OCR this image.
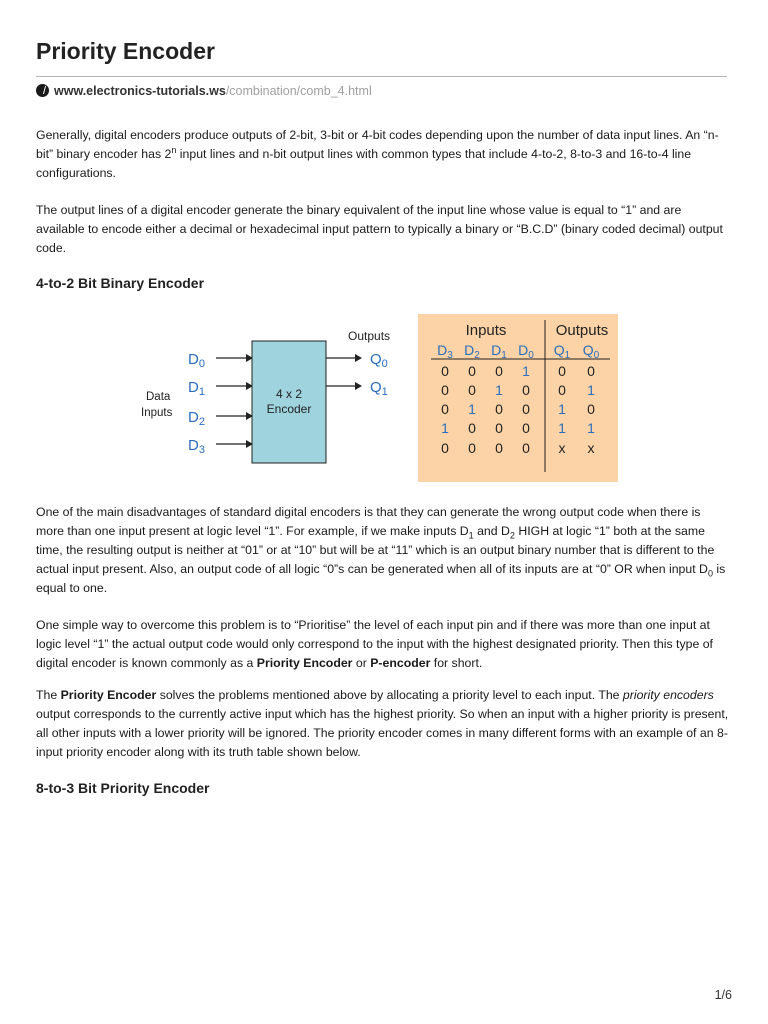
Priority Encoder
www.electronics-tutorials.ws/combination/comb_4.html

Generally, digital encoders produce outputs of 2-bit, 3-bit or 4-bit codes depending upon the number of data input lines. An “n-bit” binary encoder has 2$^n$ input lines and n-bit output lines with common types that include 4-to-2, 8-to-3 and 16-to-4 line configurations.

The output lines of a digital encoder generate the binary equivalent of the input line whose value is equal to “1” and are available to encode either a decimal or hexadecimal input pattern to typically a binary or “B.C.D” (binary coded decimal) output code.

4-to-2 Bit Binary Encoder
Outputs
Data
Inputs
$D_0$
$D_1$
$D_2$
$D_3$
$Q_0$
$Q_1$
4 x 2
Encoder
Inputs	Outputs
$D_3$ $D_2$ $D_1$ $D_0$ $Q_1$ $Q_0$
0 0 0 1 0 0
0 0 1 0 0 1
0 1 0 0 1 0
1 0 0 0 1 1
0 0 0 0 x x

One of the main disadvantages of standard digital encoders is that they can generate the wrong output code when there is more than one input present at logic level “1”. For example, if we make inputs $D_1$ and $D_2$ HIGH at logic “1” both at the same time, the resulting output is neither at “01” or at “10” but will be at “11” which is an output binary number that is different to the actual input present. Also, an output code of all logic “0”s can be generated when all of its inputs are at “0” OR when input $D_0$ is equal to one.

One simple way to overcome this problem is to “Prioritise” the level of each input pin and if there was more than one input at logic level “1” the actual output code would only correspond to the input with the highest designated priority. Then this type of digital encoder is known commonly as a Priority Encoder or P-encoder for short.

The Priority Encoder solves the problems mentioned above by allocating a priority level to each input. The priority encoders output corresponds to the currently active input which has the highest priority. So when an input with a higher priority is present, all other inputs with a lower priority will be ignored. The priority encoder comes in many different forms with an example of an 8-input priority encoder along with its truth table shown below.

8-to-3 Bit Priority Encoder
1/6
